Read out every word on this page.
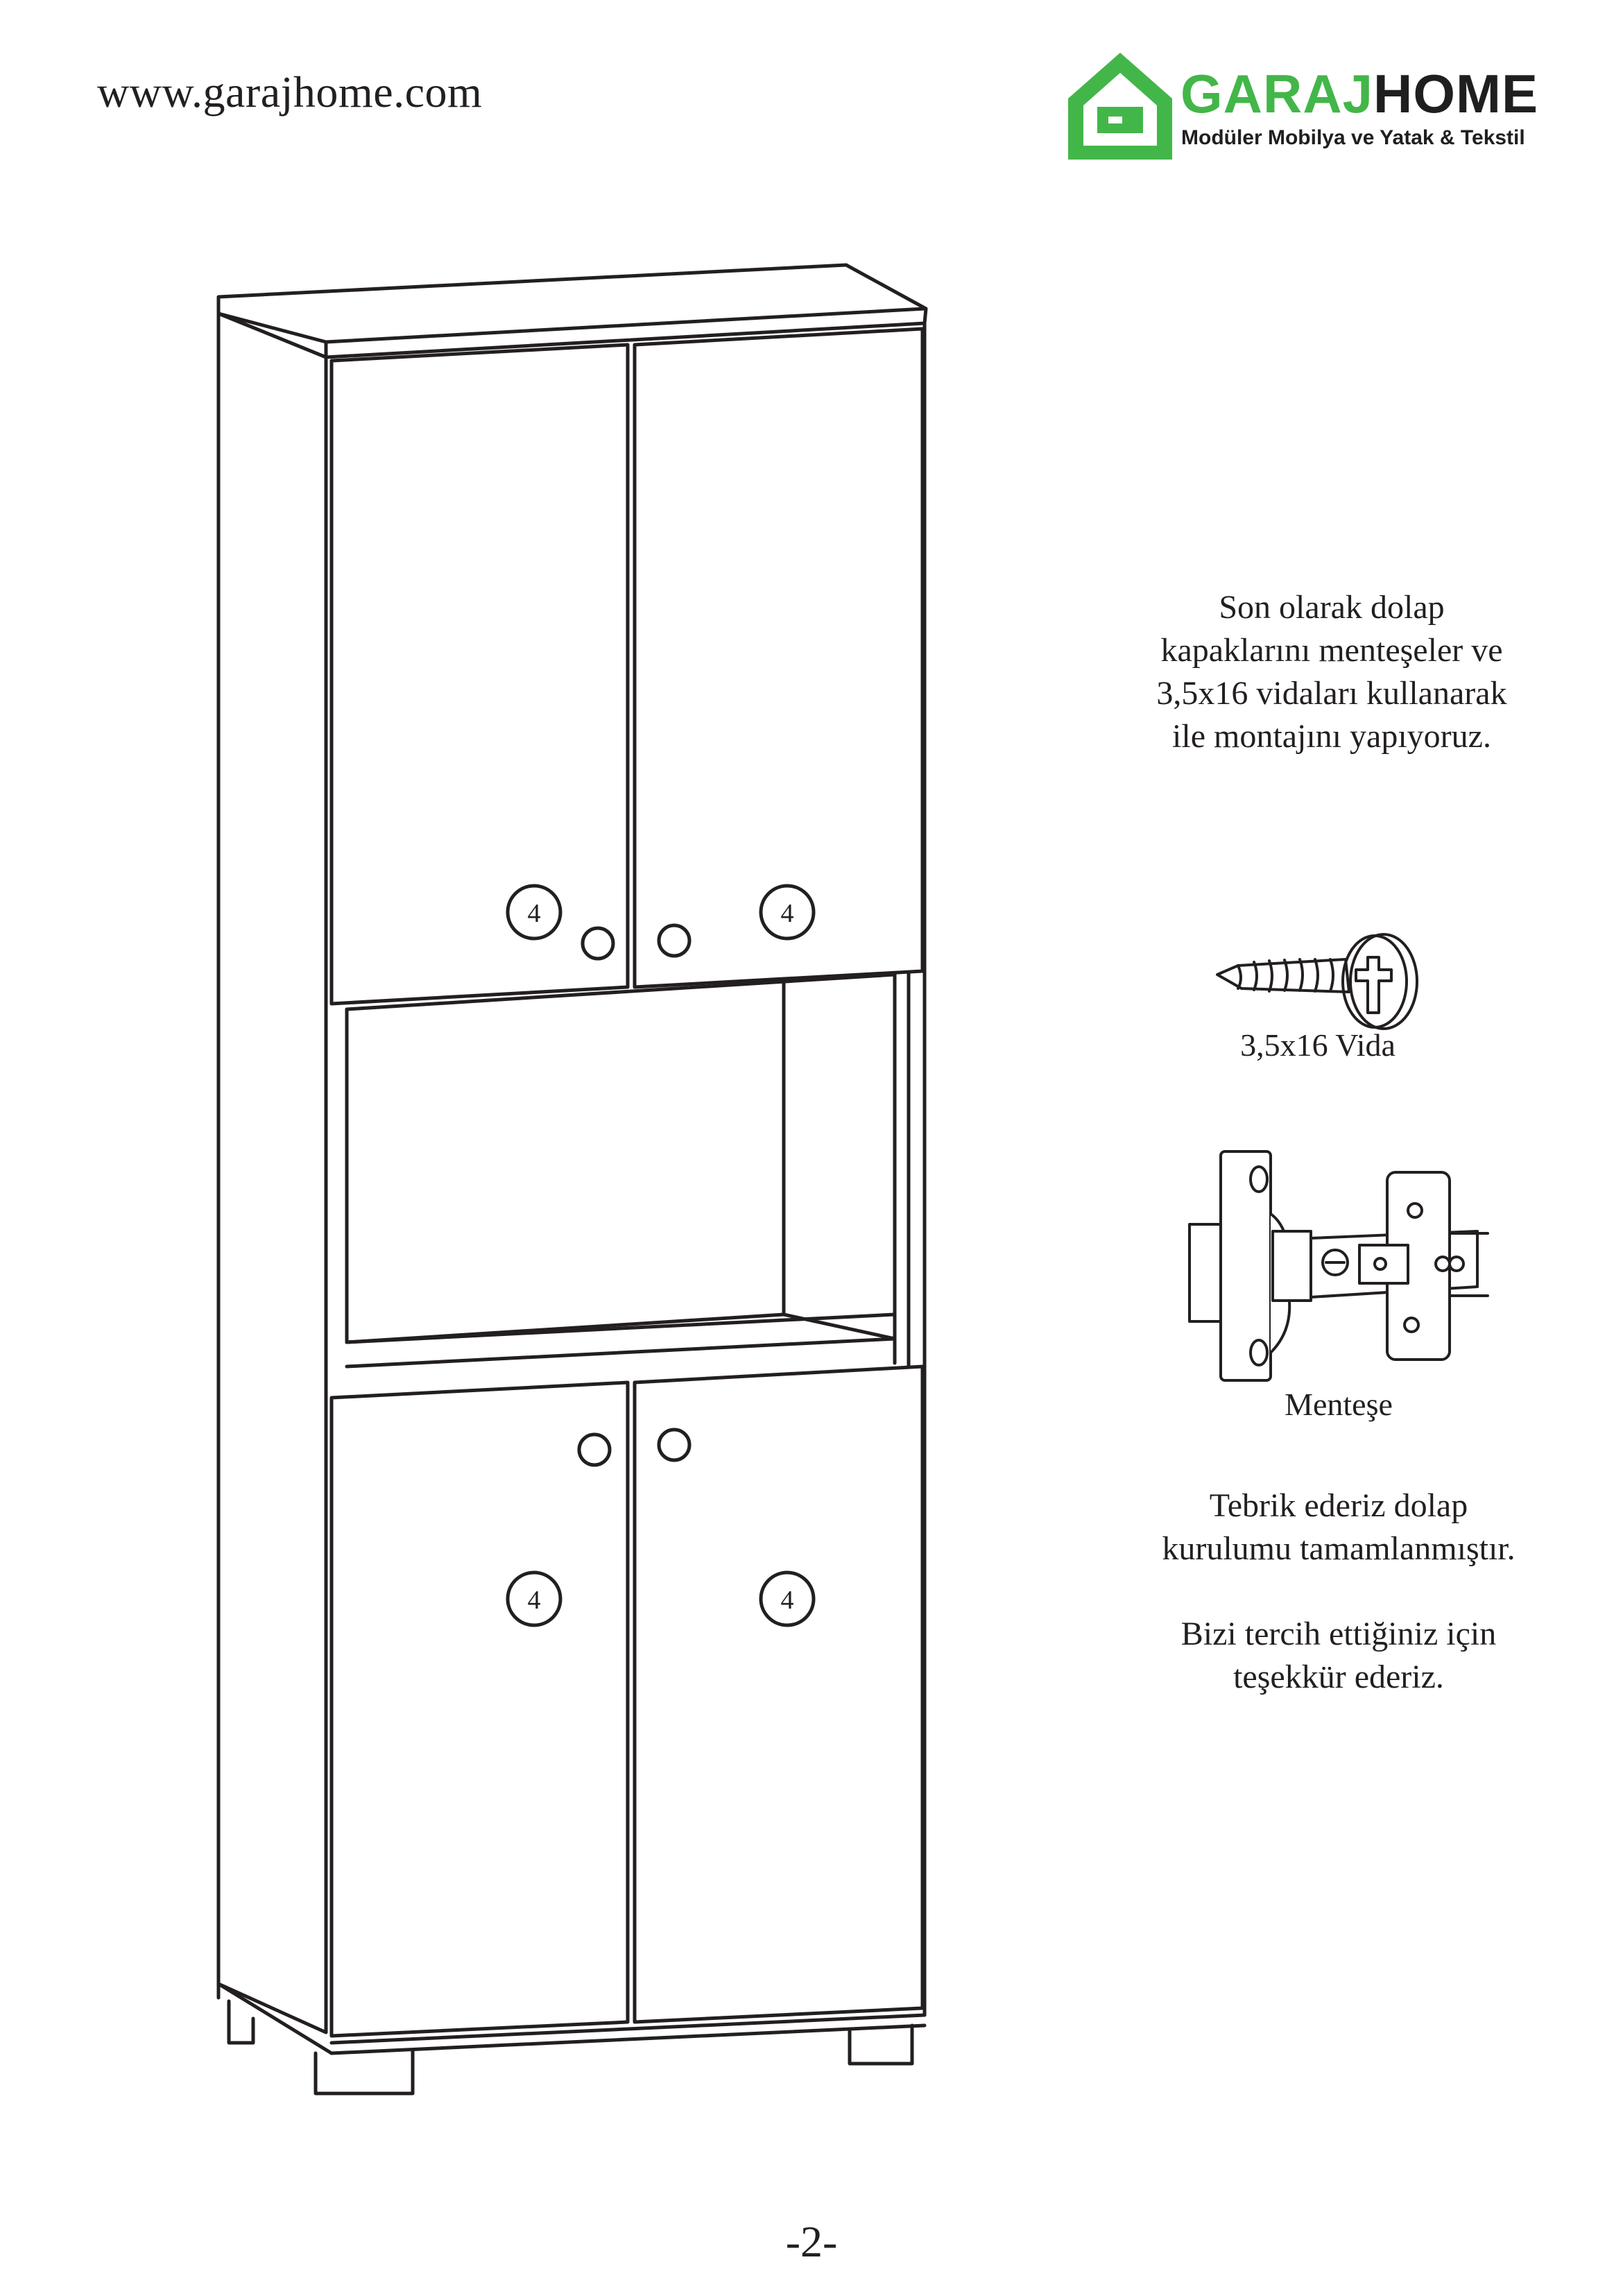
www.garajhome.com	GARAJHOME
Modüler Mobilya ve Yatak & Tekstil
4	4
4	4
Son olarak dolap
kapaklarını menteşeler ve
3,5x16 vidaları kullanarak
ile montajını yapıyoruz.
3,5x16 Vida
Menteşe
Tebrik ederiz dolap
kurulumu tamamlanmıştır.
Bizi tercih ettiğiniz için
teşekkür ederiz.
-2-
